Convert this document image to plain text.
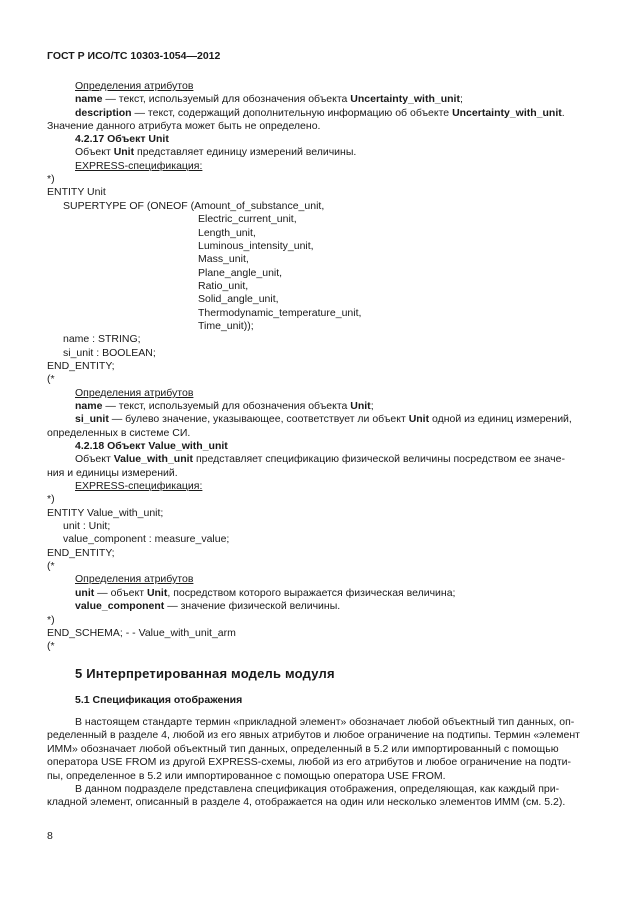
ГОСТ Р ИСО/ТС 10303-1054—2012
Определения атрибутов
name — текст, используемый для обозначения объекта Uncertainty_with_unit;
description — текст, содержащий дополнительную информацию об объекте Uncertainty_with_unit.
Значение данного атрибута может быть не определено.
4.2.17 Объект Unit
Объект Unit представляет единицу измерений величины.
EXPRESS-спецификация:
*)
ENTITY Unit
SUPERTYPE OF (ONEOF (Amount_of_substance_unit,
Electric_current_unit,
Length_unit,
Luminous_intensity_unit,
Mass_unit,
Plane_angle_unit,
Ratio_unit,
Solid_angle_unit,
Thermodynamic_temperature_unit,
Time_unit));
name : STRING;
si_unit : BOOLEAN;
END_ENTITY;
(*
Определения атрибутов
name — текст, используемый для обозначения объекта Unit;
si_unit — булево значение, указывающее, соответствует ли объект Unit одной из единиц измерений,
определенных в системе СИ.
4.2.18 Объект Value_with_unit
Объект Value_with_unit представляет спецификацию физической величины посредством ее значе-
ния и единицы измерений.
EXPRESS-спецификация:
*)
ENTITY Value_with_unit;
unit : Unit;
value_component : measure_value;
END_ENTITY;
(*
Определения атрибутов
unit — объект Unit, посредством которого выражается физическая величина;
value_component — значение физической величины.
*)
END_SCHEMA; - - Value_with_unit_arm
(*
5 Интерпретированная модель модуля
5.1 Спецификация отображения
В настоящем стандарте термин «прикладной элемент» обозначает любой объектный тип данных, оп-
ределенный в разделе 4, любой из его явных атрибутов и любое ограничение на подтипы. Термин «элемент
ИММ» обозначает любой объектный тип данных, определенный в 5.2 или импортированный с помощью
оператора USE FROM из другой EXPRESS-схемы, любой из его атрибутов и любое ограничение на подти-
пы, определенное в 5.2 или импортированное с помощью оператора USE FROM.
В данном подразделе представлена спецификация отображения, определяющая, как каждый при-
кладной элемент, описанный в разделе 4, отображается на один или несколько элементов ИММ (см. 5.2).
8
